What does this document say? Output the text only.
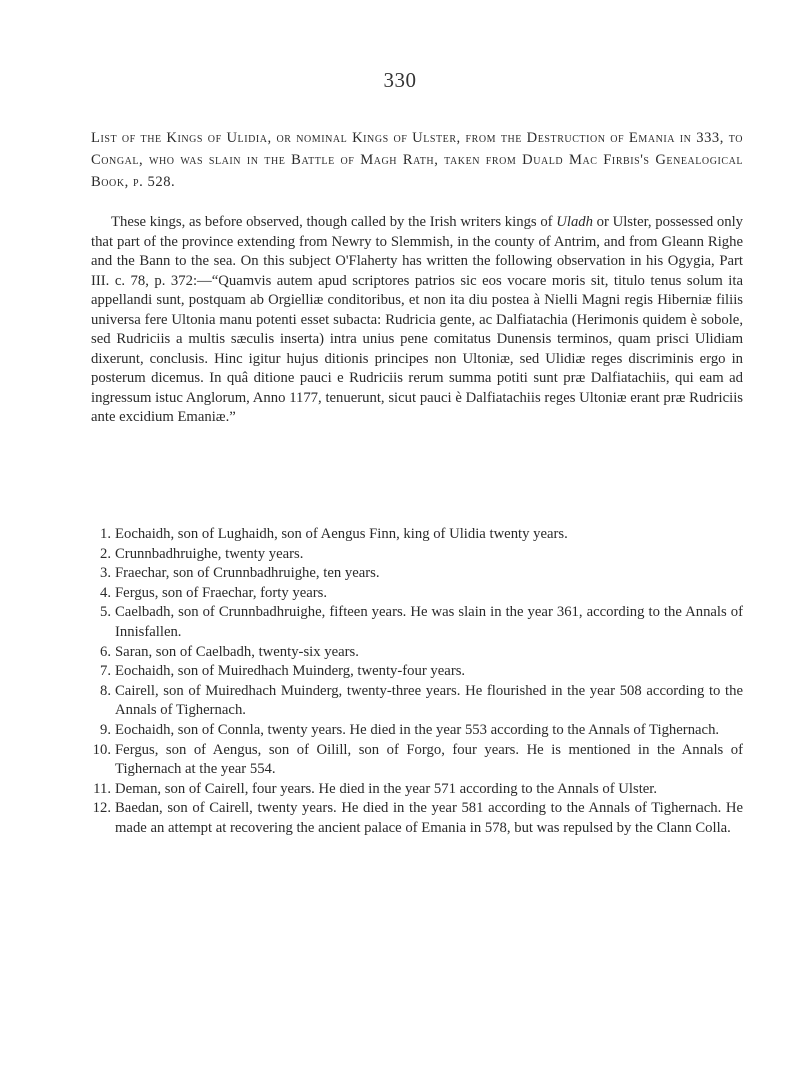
330
List of the Kings of Ulidia, or nominal Kings of Ulster, from the Destruction of Emania in 333, to Congal, who was slain in the Battle of Magh Rath, taken from Duald Mac Firbis's Genealogical Book, p. 528.

These kings, as before observed, though called by the Irish writers kings of Uladh or Ulster, possessed only that part of the province extending from Newry to Slemmish, in the county of Antrim, and from Gleann Righe and the Bann to the sea. On this subject O'Flaherty has written the following observation in his Ogygia, Part III. c. 78, p. 372:—“Quamvis autem apud scriptores patrios sic eos vocare moris sit, titulo tenus solum ita appellandi sunt, postquam ab Orgielliæ conditoribus, et non ita diu postea à Nielli Magni regis Hiberniæ filiis universa fere Ultonia manu potenti esset subacta: Rudricia gente, ac Dalfiatachia (Herimonis quidem è sobole, sed Rudriciis a multis sæculis inserta) intra unius pene comitatus Dunensis terminos, quam prisci Ulidiam dixerunt, conclusis. Hinc igitur hujus ditionis principes non Ultoniæ, sed Ulidiæ reges discriminis ergo in posterum dicemus. In quâ ditione pauci e Rudriciis rerum summa potiti sunt præ Dalfiatachiis, qui eam ad ingressum istuc Anglorum, Anno 1177, tenuerunt, sicut pauci è Dalfiatachiis reges Ultoniæ erant præ Rudriciis ante excidium Emaniæ.”

1. Eochaidh, son of Lughaidh, son of Aengus Finn, king of Ulidia twenty years.
2. Crunnbadhruighe, twenty years.
3. Fraechar, son of Crunnbadhruighe, ten years.
4. Fergus, son of Fraechar, forty years.
5. Caelbadh, son of Crunnbadhruighe, fifteen years. He was slain in the year 361, according to the Annals of Innisfallen.
6. Saran, son of Caelbadh, twenty-six years.
7. Eochaidh, son of Muiredhach Muinderg, twenty-four years.
8. Cairell, son of Muiredhach Muinderg, twenty-three years. He flourished in the year 508 according to the Annals of Tighernach.
9. Eochaidh, son of Connla, twenty years. He died in the year 553 according to the Annals of Tighernach.
10. Fergus, son of Aengus, son of Oilill, son of Forgo, four years. He is mentioned in the Annals of Tighernach at the year 554.
11. Deman, son of Cairell, four years. He died in the year 571 according to the Annals of Ulster.
12. Baedan, son of Cairell, twenty years. He died in the year 581 according to the Annals of Tighernach. He made an attempt at recovering the ancient palace of Emania in 578, but was repulsed by the Clann Colla.
